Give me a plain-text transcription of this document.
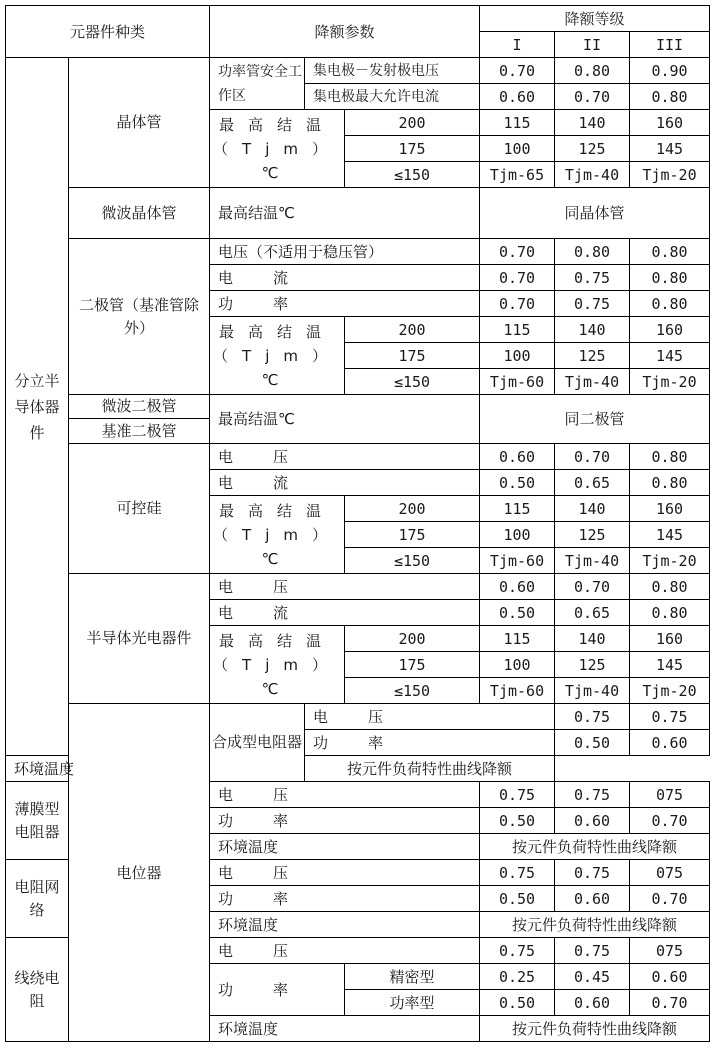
元器件种类		降额参数			降额等级			
					I	II	III	
分立半导体器件	晶体管	功率管安全工作区	集电极－发射极电压		0.70	0.80	0.90	
			集电极最大允许电流		0.60	0.70	0.80	
		最高结温（Tjm）℃		200	115	140	160	
				175	100	125	145	
				≤150	Tjm-65	Tjm-40	Tjm-20	
	微波晶体管	最高结温℃			同晶体管			
	二极管（基准管除外）	电压（不适用于稳压管）			0.70	0.80	0.80	
		电流			0.70	0.75	0.80	
		功率			0.70	0.75	0.80	
		最高结温（Tjm）℃		200	115	140	160	
				175	100	125	145	
				≤150	Tjm-60	Tjm-40	Tjm-20	

	微波二极管
基准二极管	最高结温℃			同二极管			
	可控硅	电压			0.60	0.70	0.80	
		电流			0.50	0.65	0.80	
		最高结温（Tjm）℃		200	115	140	160	
				175	100	125	145	
				≤150	Tjm-60	Tjm-40	Tjm-20	
	半导体光电器件	电压			0.60	0.70	0.80	
		电流			0.50	0.65	0.80	
		最高结温（Tjm）℃		200	115	140	160	
				175	100	125	145	
				≤150	Tjm-60	Tjm-40	Tjm-20	
	电位器	合成型电阻器	电压			0.75	0.75	
			功率			0.50	0.60	
环境温度			按元件负荷特性曲线降额					
薄膜型电阻器		电压			0.75	0.75	075	
		功率			0.50	0.60	0.70	
		环境温度			按元件负荷特性曲线降额			
电阻网络		电压			0.75	0.75	075	
		功率			0.50	0.60	0.70	
		环境温度			按元件负荷特性曲线降额			
线绕电阻		电压			0.75	0.75	075	
		功率		精密型	0.25	0.45	0.60	
				功率型	0.50	0.60	0.70	
		环境温度			按元件负荷特性曲线降额			
